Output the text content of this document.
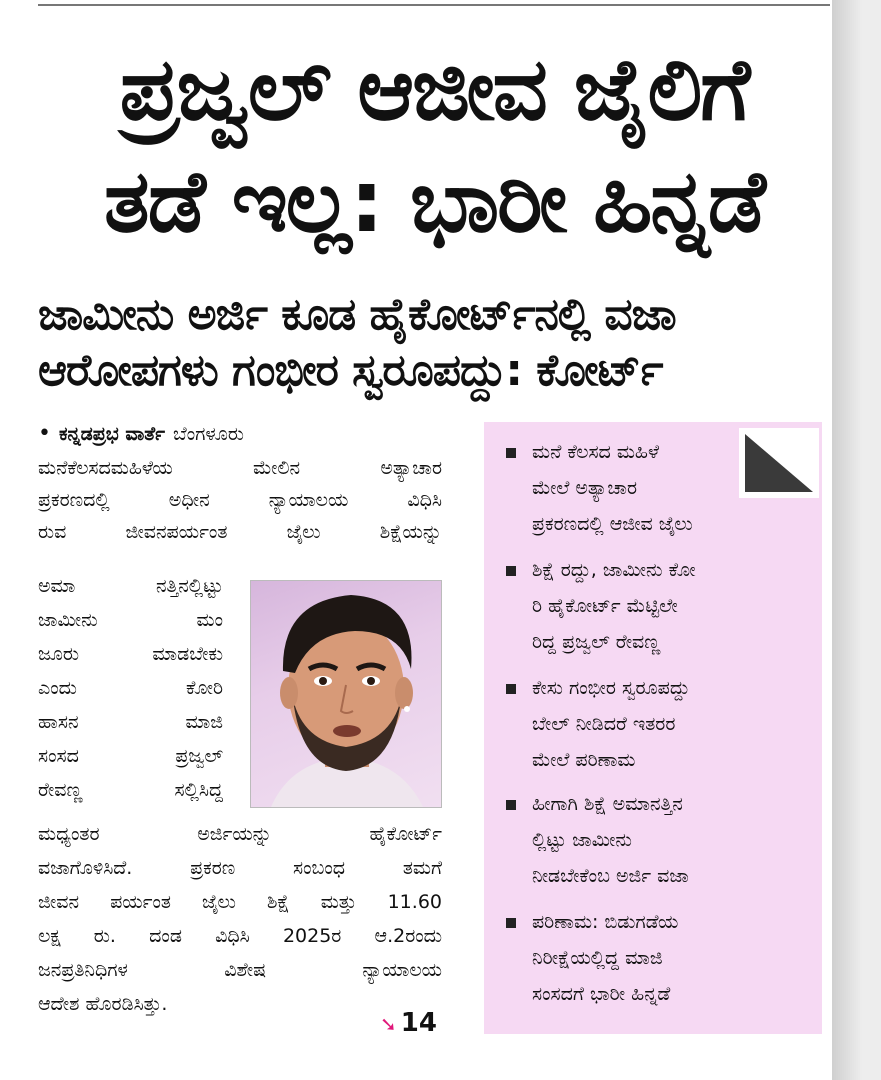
ಪ್ರಜ್ವಲ್ ಆಜೀವ ಜೈಲಿಗೆ
ತಡೆ ಇಲ್ಲ: ಭಾರೀ ಹಿನ್ನಡೆ
ಜಾಮೀನು ಅರ್ಜಿ ಕೂಡ ಹೈಕೋರ್ಟ್‌ನಲ್ಲಿ ವಜಾ
ಆರೋಪಗಳು ಗಂಭೀರ ಸ್ವರೂಪದ್ದು: ಕೋರ್ಟ್
• ಕನ್ನಡಪ್ರಭ ವಾರ್ತೆ ಬೆಂಗಳೂರು
ಮನೆಕೆಲಸದಮಹಿಳೆಯ ಮೇಲಿನ ಅತ್ಯಾಚಾರ
ಪ್ರಕರಣದಲ್ಲಿ ಅಧೀನ ನ್ಯಾಯಾಲಯ ವಿಧಿಸಿ
ರುವ ಜೀವನಪರ್ಯಂತ ಜೈಲು ಶಿಕ್ಷೆಯನ್ನು
ಅಮಾ ನತ್ತಿನಲ್ಲಿಟ್ಟು
ಜಾಮೀನು ಮಂ
ಜೂರು ಮಾಡಬೇಕು
ಎಂದು ಕೋರಿ
ಹಾಸನ ಮಾಜಿ
ಸಂಸದ ಪ್ರಜ್ವಲ್
ರೇವಣ್ಣ ಸಲ್ಲಿಸಿದ್ದ
ಮಧ್ಯಂತರ ಅರ್ಜಿಯನ್ನು ಹೈಕೋರ್ಟ್
ವಜಾಗೊಳಿಸಿದೆ. ಪ್ರಕರಣ ಸಂಬಂಧ ತಮಗೆ
ಜೀವನ ಪರ್ಯಂತ ಜೈಲು ಶಿಕ್ಷೆ ಮತ್ತು 11.60
ಲಕ್ಷ ರು. ದಂಡ ವಿಧಿಸಿ 2025ರ ಆ.2ರಂದು
ಜನಪ್ರತಿನಿಧಿಗಳ ವಿಶೇಷ ನ್ಯಾಯಾಲಯ
ಆದೇಶ ಹೊರಡಿಸಿತ್ತು.
➘ 14
ಮನೆ ಕೆಲಸದ ಮಹಿಳೆ
ಮೇಲೆ ಅತ್ಯಾಚಾರ
ಪ್ರಕರಣದಲ್ಲಿ ಆಜೀವ ಜೈಲು
ಶಿಕ್ಷೆ ರದ್ದು, ಜಾಮೀನು ಕೋ
ರಿ ಹೈಕೋರ್ಟ್ ಮೆಟ್ಟಿಲೇ
ರಿದ್ದ ಪ್ರಜ್ವಲ್ ರೇವಣ್ಣ
ಕೇಸು ಗಂಭೀರ ಸ್ವರೂಪದ್ದು
ಬೇಲ್ ನೀಡಿದರೆ ಇತರರ
ಮೇಲೆ ಪರಿಣಾಮ
ಹೀಗಾಗಿ ಶಿಕ್ಷೆ ಅಮಾನತ್ತಿನ
ಲ್ಲಿಟ್ಟು ಜಾಮೀನು
ನೀಡಬೇಕೆಂಬ ಅರ್ಜಿ ವಜಾ
ಪರಿಣಾಮ: ಬಿಡುಗಡೆಯ
ನಿರೀಕ್ಷೆಯಲ್ಲಿದ್ದ ಮಾಜಿ
ಸಂಸದಗೆ ಭಾರೀ ಹಿನ್ನಡೆ
